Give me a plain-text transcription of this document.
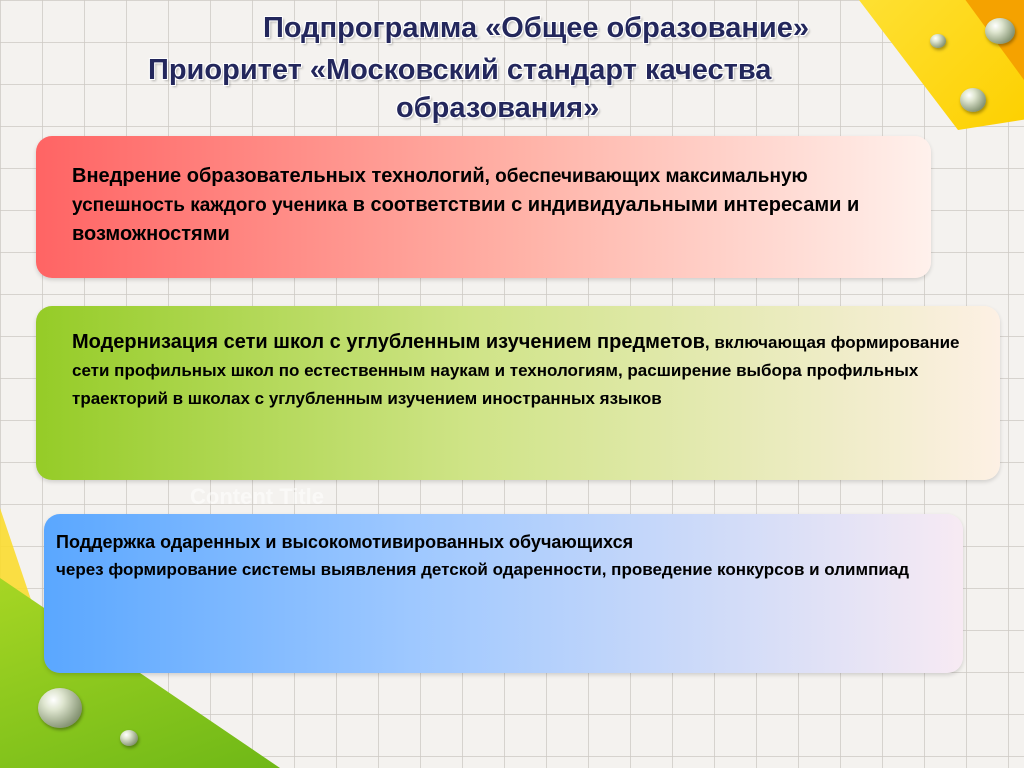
Подпрограмма «Общее образование»
Приоритет «Московский стандарт качества
образования»
Внедрение образовательных технологий, обеспечивающих максимальную успешность каждого ученика в соответствии с индивидуальными интересами и возможностями
Модернизация сети школ с углубленным изучением предметов, включающая формирование сети профильных школ по естественным наукам и технологиям, расширение выбора профильных траекторий в школах с углубленным изучением иностранных языков

Content Title

Поддержка одаренных и высокомотивированных обучающихся
через формирование системы выявления детской одаренности, проведение конкурсов и олимпиад
